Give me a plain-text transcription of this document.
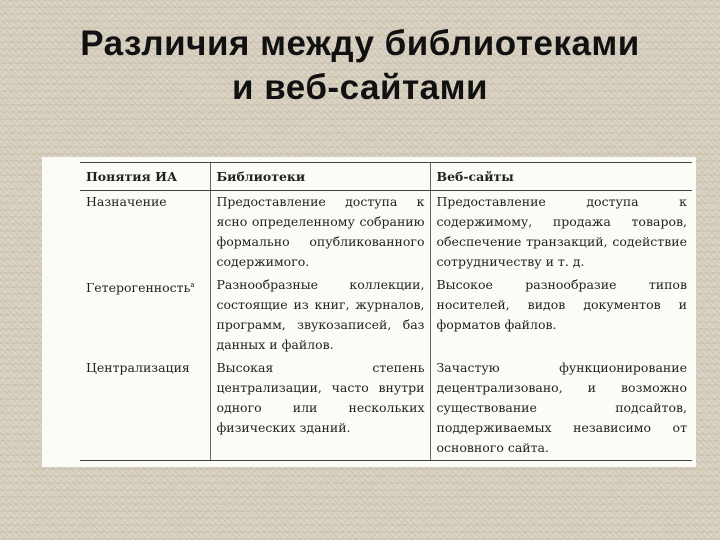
Различия между библиотеками
и веб-сайтами
Понятия ИА	Библиотеки	Веб-сайты
Назначение	Предоставление доступа к ясно определенному собранию формально опубликованного содержимого.	Предоставление доступа к содержимому, продажа товаров, обеспечение транзакций, содействие сотрудничеству и т. д.

Гетерогенность$^a$	Разнообразные коллекции, состоящие из книг, журналов, программ, звукозаписей, баз данных и файлов.	Высокое разнообразие типов носителей, видов документов и форматов файлов.

Централизация	Высокая степень централизации, часто внутри одного или нескольких физических зданий.	Зачастую функционирование децентрализовано, и возможно существование подсайтов, поддерживаемых независимо от основного сайта.
